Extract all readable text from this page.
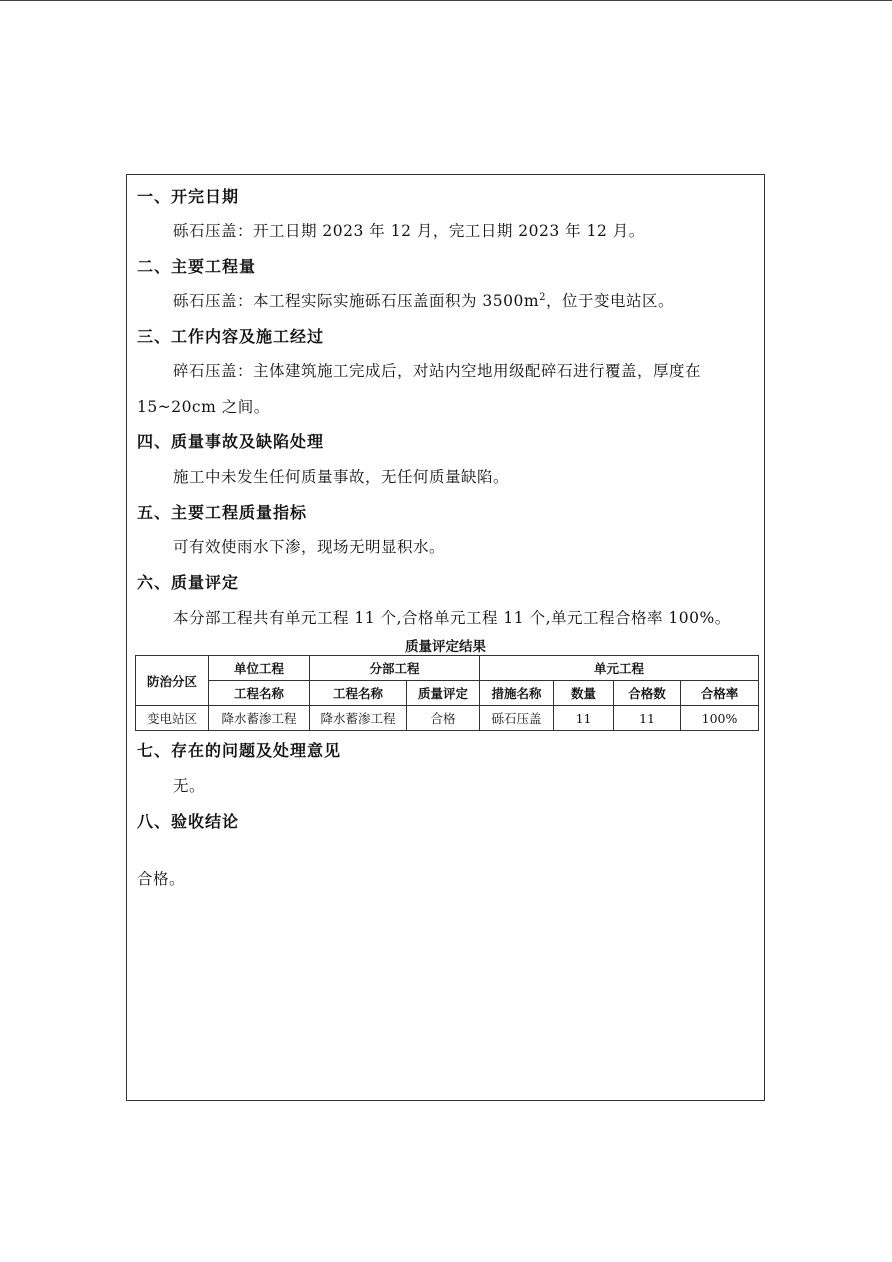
一、开完日期
砾石压盖：开工日期 2023 年 12 月，完工日期 2023 年 12 月。
二、主要工程量
砾石压盖：本工程实际实施砾石压盖面积为 $3500m^2$，位于变电站区。
三、工作内容及施工经过
碎石压盖：主体建筑施工完成后，对站内空地用级配碎石进行覆盖，厚度在
15~20cm 之间。
四、质量事故及缺陷处理
施工中未发生任何质量事故，无任何质量缺陷。
五、主要工程质量指标
可有效使雨水下渗，现场无明显积水。
六、质量评定
本分部工程共有单元工程 11 个,合格单元工程 11 个,单元工程合格率 100%。
质量评定结果
防治分区	单位工程	分部工程		单元工程			
	工程名称	工程名称	质量评定	措施名称	数量	合格数	合格率
变电站区	降水蓄渗工程	降水蓄渗工程	合格	砾石压盖	11	11	100%
七、存在的问题及处理意见
无。
八、验收结论
合格。
